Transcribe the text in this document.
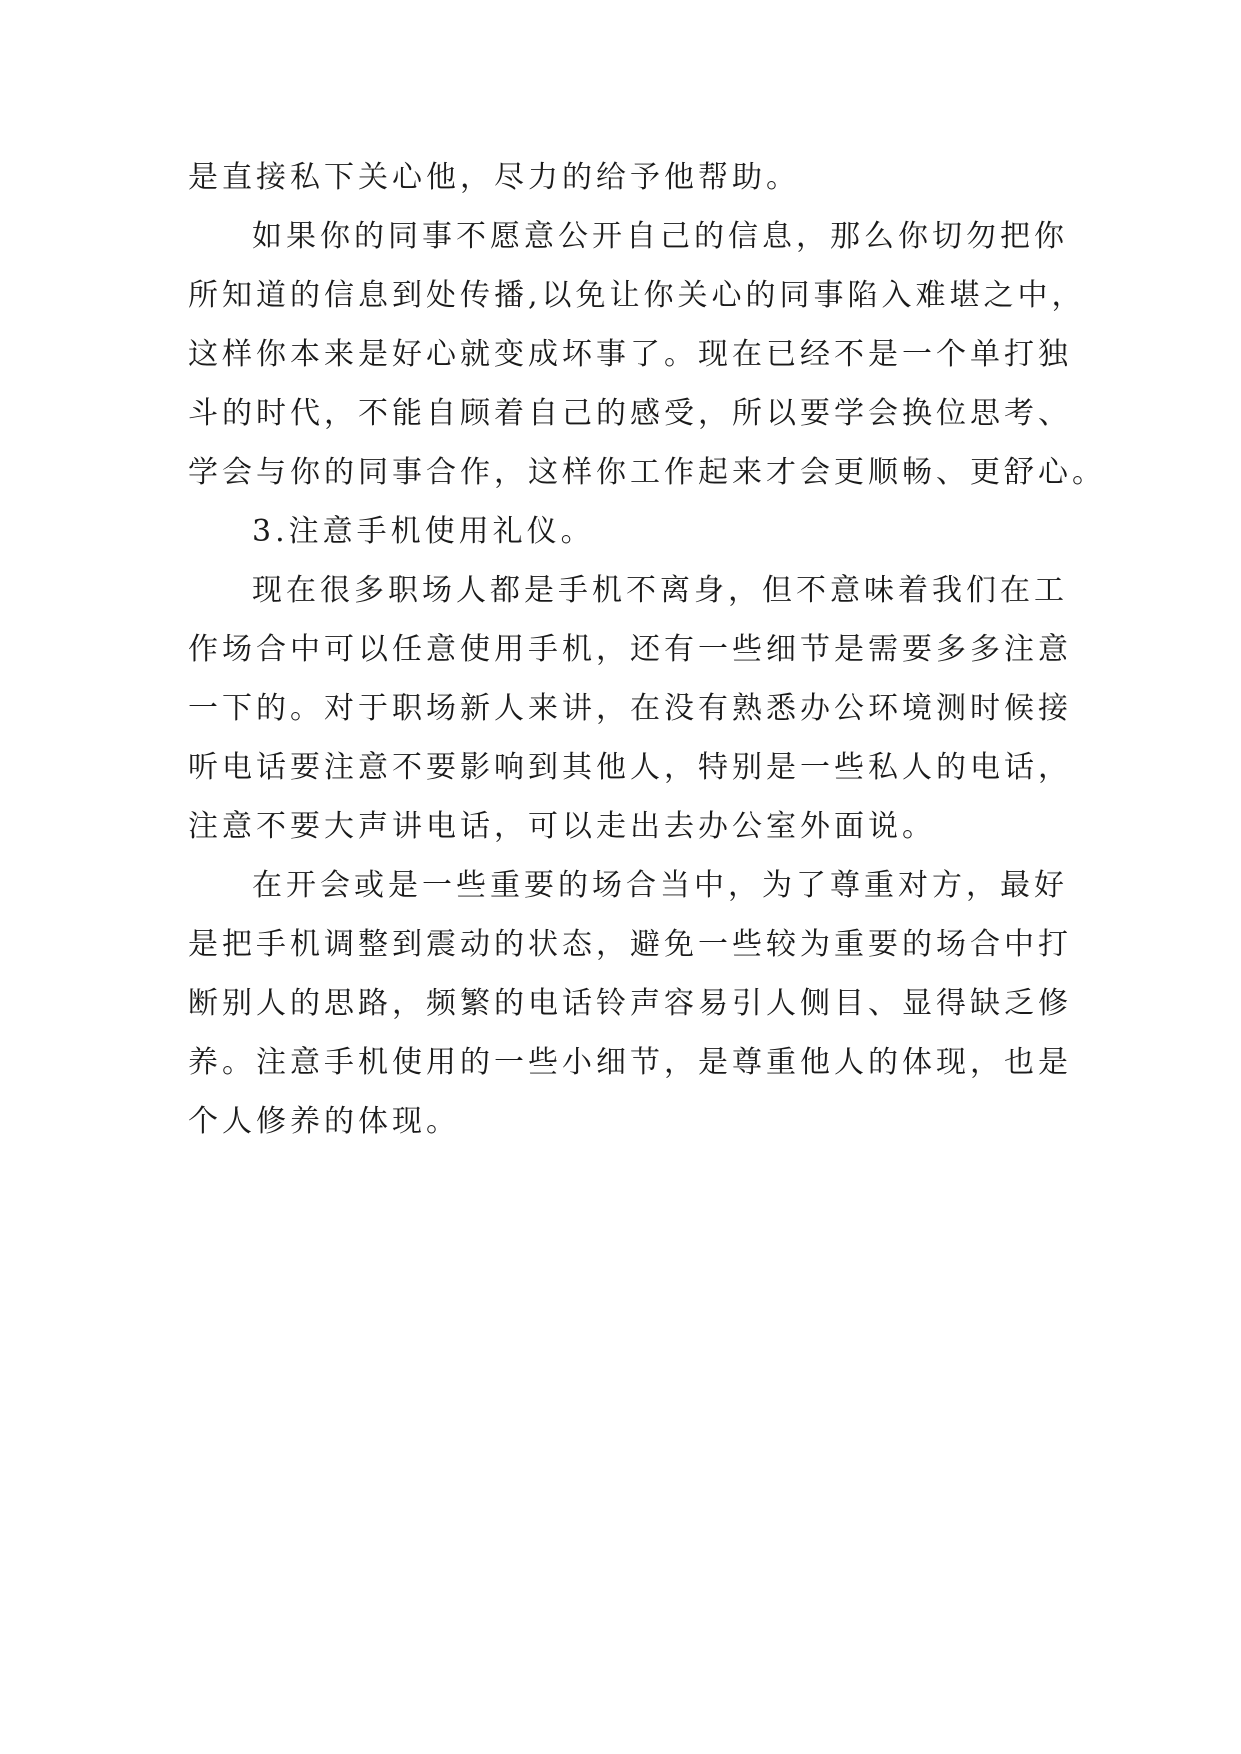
是直接私下关心他，尽力的给予他帮助。
如果你的同事不愿意公开自己的信息，那么你切勿把你
所知道的信息到处传播,以免让你关心的同事陷入难堪之中，
这样你本来是好心就变成坏事了。现在已经不是一个单打独
斗的时代，不能自顾着自己的感受，所以要学会换位思考、
学会与你的同事合作，这样你工作起来才会更顺畅、更舒心。
3.注意手机使用礼仪。
现在很多职场人都是手机不离身，但不意味着我们在工
作场合中可以任意使用手机，还有一些细节是需要多多注意
一下的。对于职场新人来讲，在没有熟悉办公环境测时候接
听电话要注意不要影响到其他人，特别是一些私人的电话，
注意不要大声讲电话，可以走出去办公室外面说。
在开会或是一些重要的场合当中，为了尊重对方，最好
是把手机调整到震动的状态，避免一些较为重要的场合中打
断别人的思路，频繁的电话铃声容易引人侧目、显得缺乏修
养。注意手机使用的一些小细节，是尊重他人的体现，也是
个人修养的体现。
